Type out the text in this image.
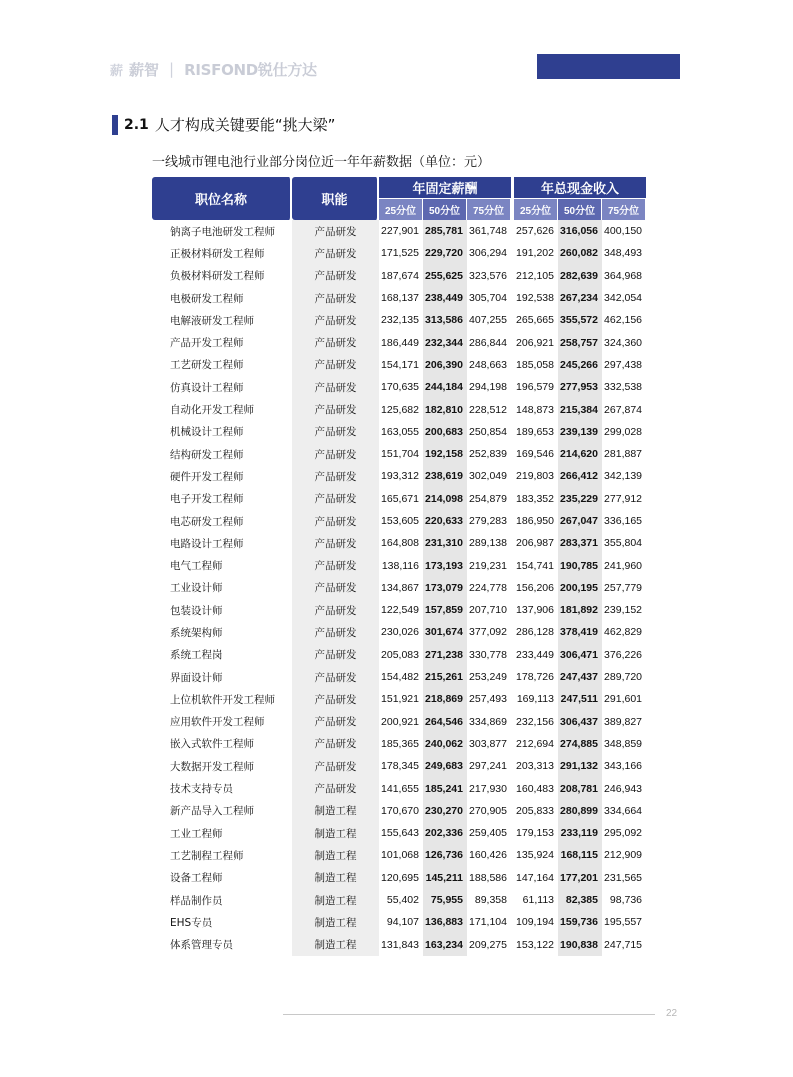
薪 薪智 | RISFOND锐仕方达
2.1 人才构成关键要能“挑大梁”
一线城市锂电池行业部分岗位近一年年薪数据（单位：元）
职位名称	职能	年固定薪酬				年总现金收入		
		25分位	50分位	75分位		25分位	50分位	75分位
钠离子电池研发工程师	产品研发	227,901	285,781	361,748		257,626	316,056	400,150
正极材料研发工程师	产品研发	171,525	229,720	306,294		191,202	260,082	348,493
负极材料研发工程师	产品研发	187,674	255,625	323,576		212,105	282,639	364,968
电极研发工程师	产品研发	168,137	238,449	305,704		192,538	267,234	342,054
电解液研发工程师	产品研发	232,135	313,586	407,255		265,665	355,572	462,156
产品开发工程师	产品研发	186,449	232,344	286,844		206,921	258,757	324,360
工艺研发工程师	产品研发	154,171	206,390	248,663		185,058	245,266	297,438
仿真设计工程师	产品研发	170,635	244,184	294,198		196,579	277,953	332,538
自动化开发工程师	产品研发	125,682	182,810	228,512		148,873	215,384	267,874
机械设计工程师	产品研发	163,055	200,683	250,854		189,653	239,139	299,028
结构研发工程师	产品研发	151,704	192,158	252,839		169,546	214,620	281,887
硬件开发工程师	产品研发	193,312	238,619	302,049		219,803	266,412	342,139
电子开发工程师	产品研发	165,671	214,098	254,879		183,352	235,229	277,912
电芯研发工程师	产品研发	153,605	220,633	279,283		186,950	267,047	336,165
电路设计工程师	产品研发	164,808	231,310	289,138		206,987	283,371	355,804
电气工程师	产品研发	138,116	173,193	219,231		154,741	190,785	241,960
工业设计师	产品研发	134,867	173,079	224,778		156,206	200,195	257,779
包装设计师	产品研发	122,549	157,859	207,710		137,906	181,892	239,152
系统架构师	产品研发	230,026	301,674	377,092		286,128	378,419	462,829
系统工程岗	产品研发	205,083	271,238	330,778		233,449	306,471	376,226
界面设计师	产品研发	154,482	215,261	253,249		178,726	247,437	289,720
上位机软件开发工程师	产品研发	151,921	218,869	257,493		169,113	247,511	291,601
应用软件开发工程师	产品研发	200,921	264,546	334,869		232,156	306,437	389,827
嵌入式软件工程师	产品研发	185,365	240,062	303,877		212,694	274,885	348,859
大数据开发工程师	产品研发	178,345	249,683	297,241		203,313	291,132	343,166
技术支持专员	产品研发	141,655	185,241	217,930		160,483	208,781	246,943
新产品导入工程师	制造工程	170,670	230,270	270,905		205,833	280,899	334,664
工业工程师	制造工程	155,643	202,336	259,405		179,153	233,119	295,092
工艺制程工程师	制造工程	101,068	126,736	160,426		135,924	168,115	212,909
设备工程师	制造工程	120,695	145,211	188,586		147,164	177,201	231,565
样品制作员	制造工程	55,402	75,955	89,358		61,113	82,385	98,736
EHS专员	制造工程	94,107	136,883	171,104		109,194	159,736	195,557
体系管理专员	制造工程	131,843	163,234	209,275		153,122	190,838	247,715
22
